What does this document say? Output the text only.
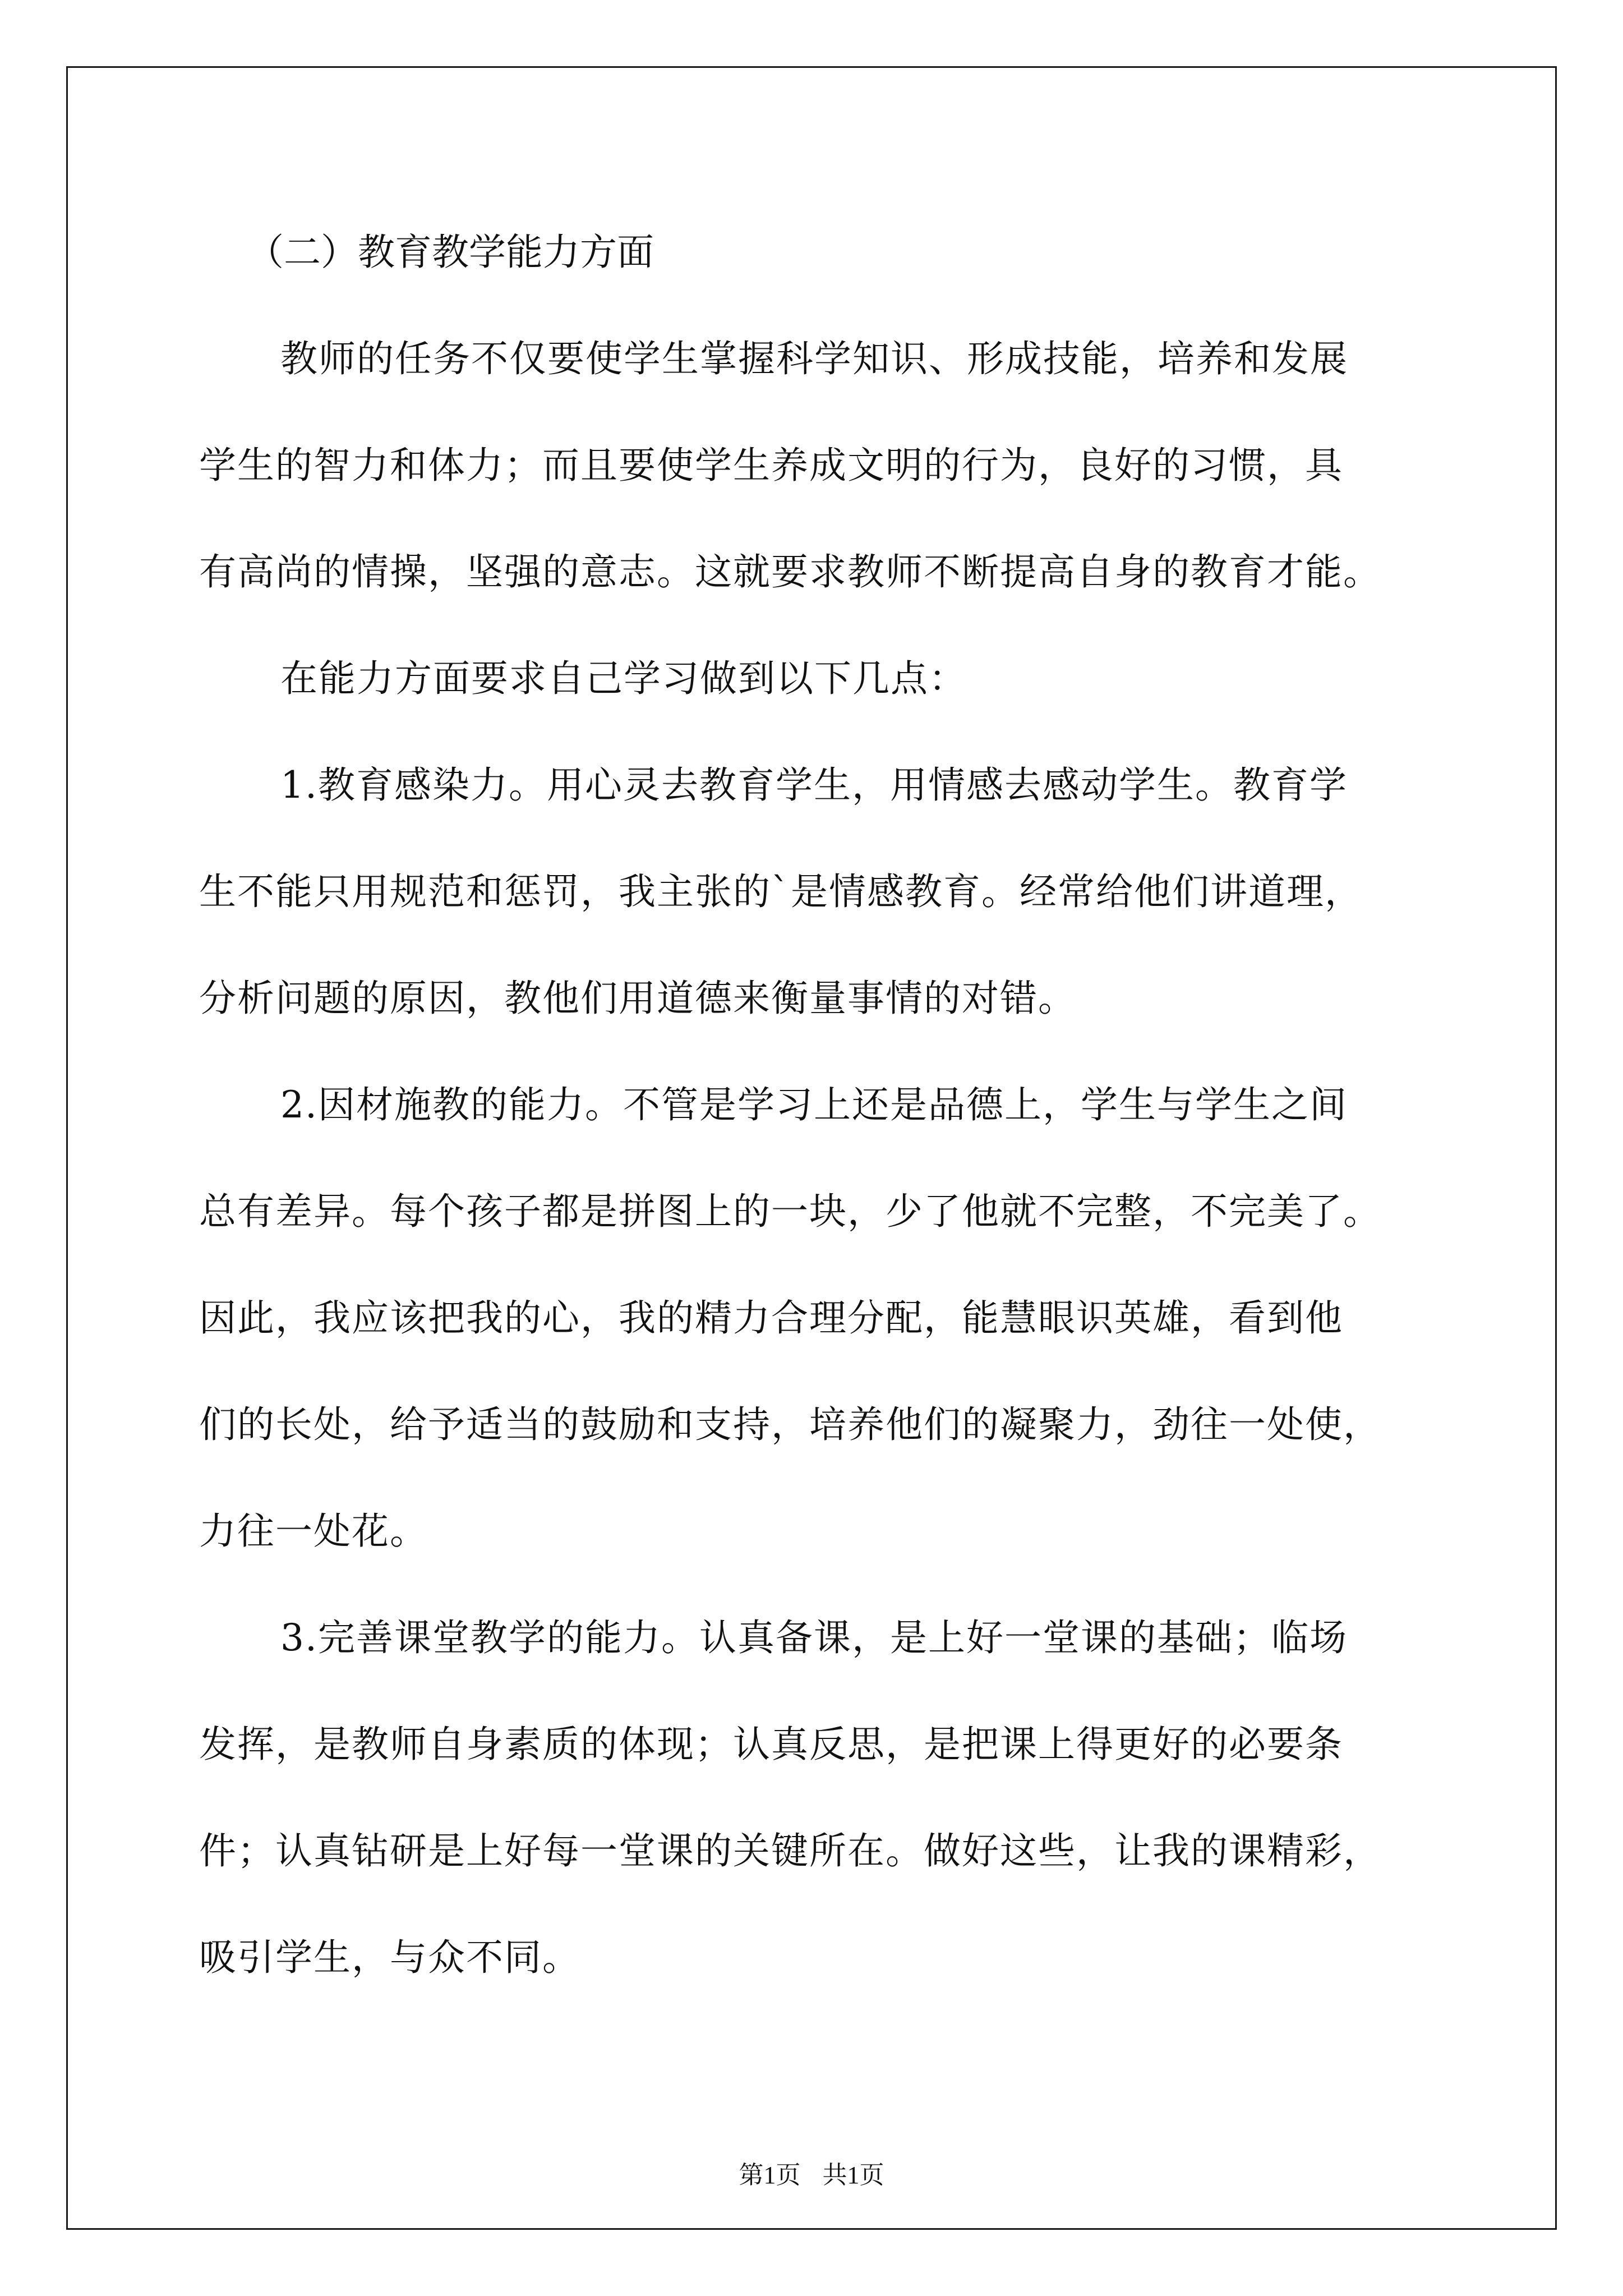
（二）教育教学能力方面
教师的任务不仅要使学生掌握科学知识、形成技能，培养和发展
学生的智力和体力；而且要使学生养成文明的行为，良好的习惯，具
有高尚的情操，坚强的意志。这就要求教师不断提高自身的教育才能。
在能力方面要求自己学习做到以下几点：
1.教育感染力。用心灵去教育学生，用情感去感动学生。教育学
生不能只用规范和惩罚，我主张的`是情感教育。经常给他们讲道理，
分析问题的原因，教他们用道德来衡量事情的对错。
2.因材施教的能力。不管是学习上还是品德上，学生与学生之间
总有差异。每个孩子都是拼图上的一块，少了他就不完整，不完美了。
因此，我应该把我的心，我的精力合理分配，能慧眼识英雄，看到他
们的长处，给予适当的鼓励和支持，培养他们的凝聚力，劲往一处使，
力往一处花。
3.完善课堂教学的能力。认真备课，是上好一堂课的基础；临场
发挥，是教师自身素质的体现；认真反思，是把课上得更好的必要条
件；认真钻研是上好每一堂课的关键所在。做好这些，让我的课精彩，
吸引学生，与众不同。
第1页 共1页
